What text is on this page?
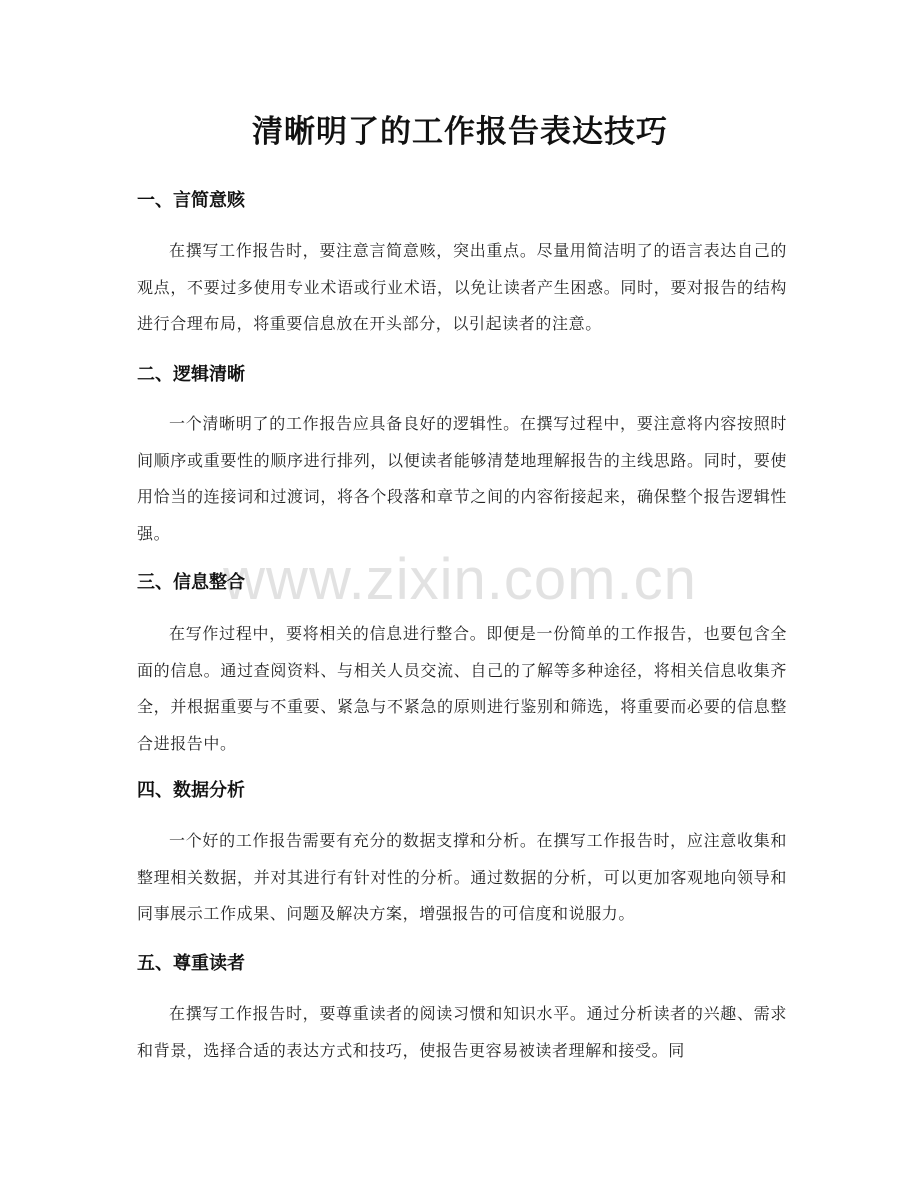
清晰明了的工作报告表达技巧
一、言简意赅

在撰写工作报告时，要注意言简意赅，突出重点。尽量用简洁明了的语言表达自己的观点，不要过多使用专业术语或行业术语，以免让读者产生困惑。同时，要对报告的结构进行合理布局，将重要信息放在开头部分，以引起读者的注意。

二、逻辑清晰

一个清晰明了的工作报告应具备良好的逻辑性。在撰写过程中，要注意将内容按照时间顺序或重要性的顺序进行排列，以便读者能够清楚地理解报告的主线思路。同时，要使用恰当的连接词和过渡词，将各个段落和章节之间的内容衔接起来，确保整个报告逻辑性强。

www.zixin.com.cn
三、信息整合

在写作过程中，要将相关的信息进行整合。即便是一份简单的工作报告，也要包含全面的信息。通过查阅资料、与相关人员交流、自己的了解等多种途径，将相关信息收集齐全，并根据重要与不重要、紧急与不紧急的原则进行鉴别和筛选，将重要而必要的信息整合进报告中。

四、数据分析

一个好的工作报告需要有充分的数据支撑和分析。在撰写工作报告时，应注意收集和整理相关数据，并对其进行有针对性的分析。通过数据的分析，可以更加客观地向领导和同事展示工作成果、问题及解决方案，增强报告的可信度和说服力。

五、尊重读者

在撰写工作报告时，要尊重读者的阅读习惯和知识水平。通过分析读者的兴趣、需求和背景，选择合适的表达方式和技巧，使报告更容易被读者理解和接受。同
